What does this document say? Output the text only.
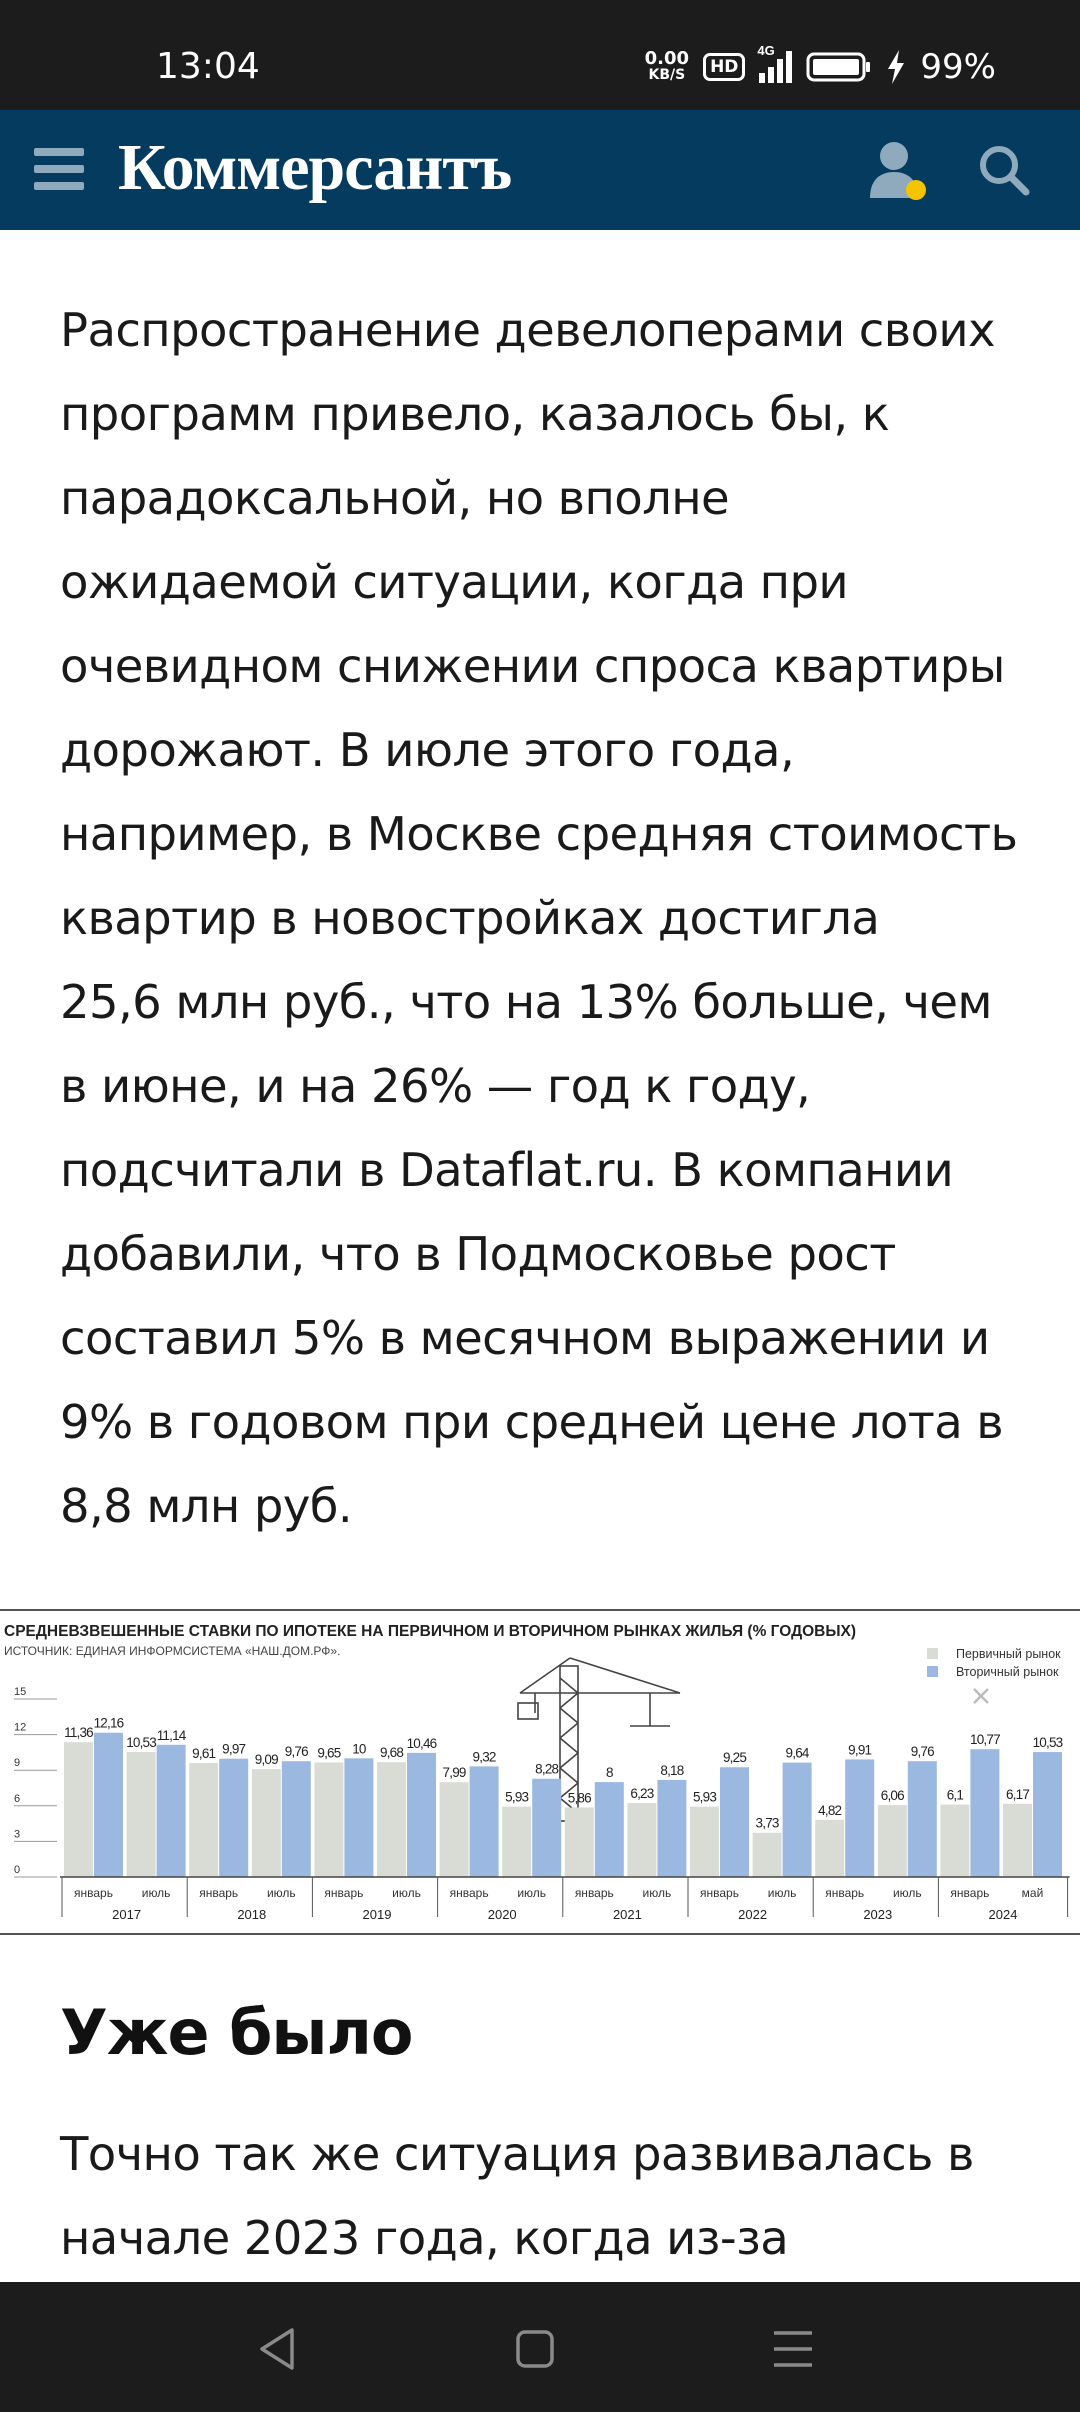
13:04	0.00
KB/S	HD
4G	99%
Коммерсантъ

Распространение девелоперами своих

программ привело, казалось бы, к

парадоксальной, но вполне

ожидаемой ситуации, когда при

очевидном снижении спроса квартиры

дорожают. В июле этого года,

например, в Москве средняя стоимость

квартир в новостройках достигла

25,6 млн руб., что на 13% больше, чем

в июне, и на 26% — год к году,

подсчитали в Dataflat.ru. В компании

добавили, что в Подмосковье рост

составил 5% в месячном выражении и

9% в годовом при средней цене лота в

8,8 млн руб.

СРЕДНЕВЗВЕШЕННЫЕ СТАВКИ ПО ИПОТЕКЕ НА ПЕРВИЧНОМ И ВТОРИЧНОМ РЫНКАХ ЖИЛЬЯ (% ГОДОВЫХ)
ИСТОЧНИК: ЕДИНАЯ ИНФОРМСИСТЕМА «НАШ.ДОМ.РФ».	Первичный рынок
Вторичный рынок
15
12
9
6
3
0
11,36
12,16
10,53 11,14
9,61 9,97
9,09
9,76 9,65 10 9,68
10,46
7,99
9,32
5,93
8,28
5,86
8
6,23
8,18
5,93
9,25
3,73
9,64
4,82
9,91
6,06
9,76
6,1
10,77
6,17
10,53
январь июль январь июль январь июль январь июль январь июль январь июль январь июль январь	май
2017	2018	2019	2020	2021	2022	2023	2024
Уже было

Точно так же ситуация развивалась в

начале 2023 года, когда из-за
